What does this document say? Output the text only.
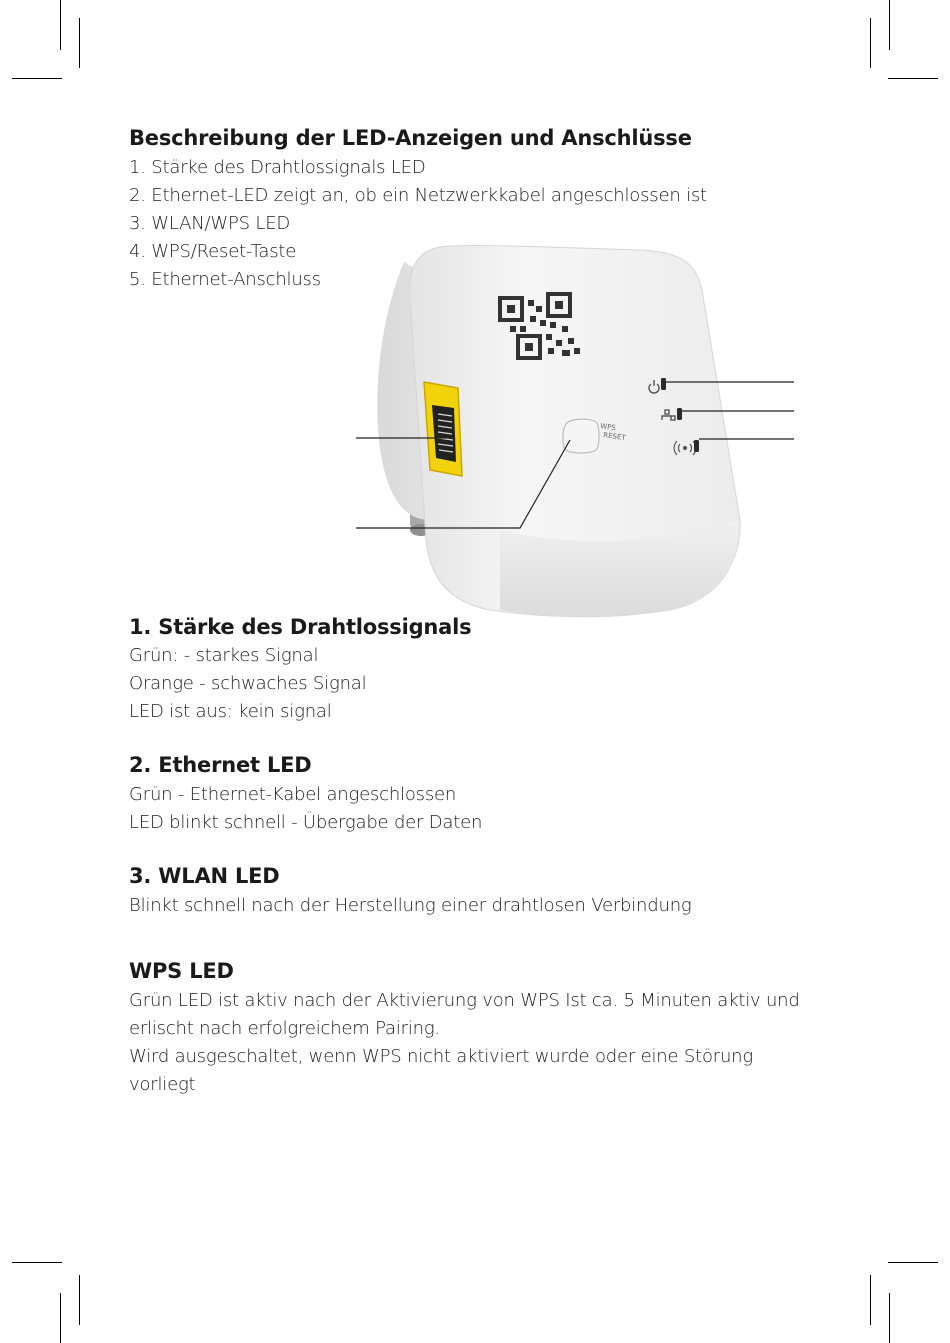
Beschreibung der LED-Anzeigen und Anschlüsse
1. Stärke des Drahtlossignals LED
2. Ethernet-LED zeigt an, ob ein Netzwerkkabel angeschlossen ist
3. WLAN/WPS LED
4. WPS/Reset-Taste
5. Ethernet-Anschluss
WPS
RESET
1. Stärke des Drahtlossignals
Grün: - starkes Signal
Orange - schwaches Signal
LED ist aus: kein signal
2. Ethernet LED
Grün - Ethernet-Kabel angeschlossen
LED blinkt schnell - Übergabe der Daten
3. WLAN LED
Blinkt schnell nach der Herstellung einer drahtlosen Verbindung
WPS LED
Grün LED ist aktiv nach der Aktivierung von WPS Ist ca. 5 Minuten aktiv und
erlischt nach erfolgreichem Pairing.
Wird ausgeschaltet, wenn WPS nicht aktiviert wurde oder eine Störung
vorliegt
